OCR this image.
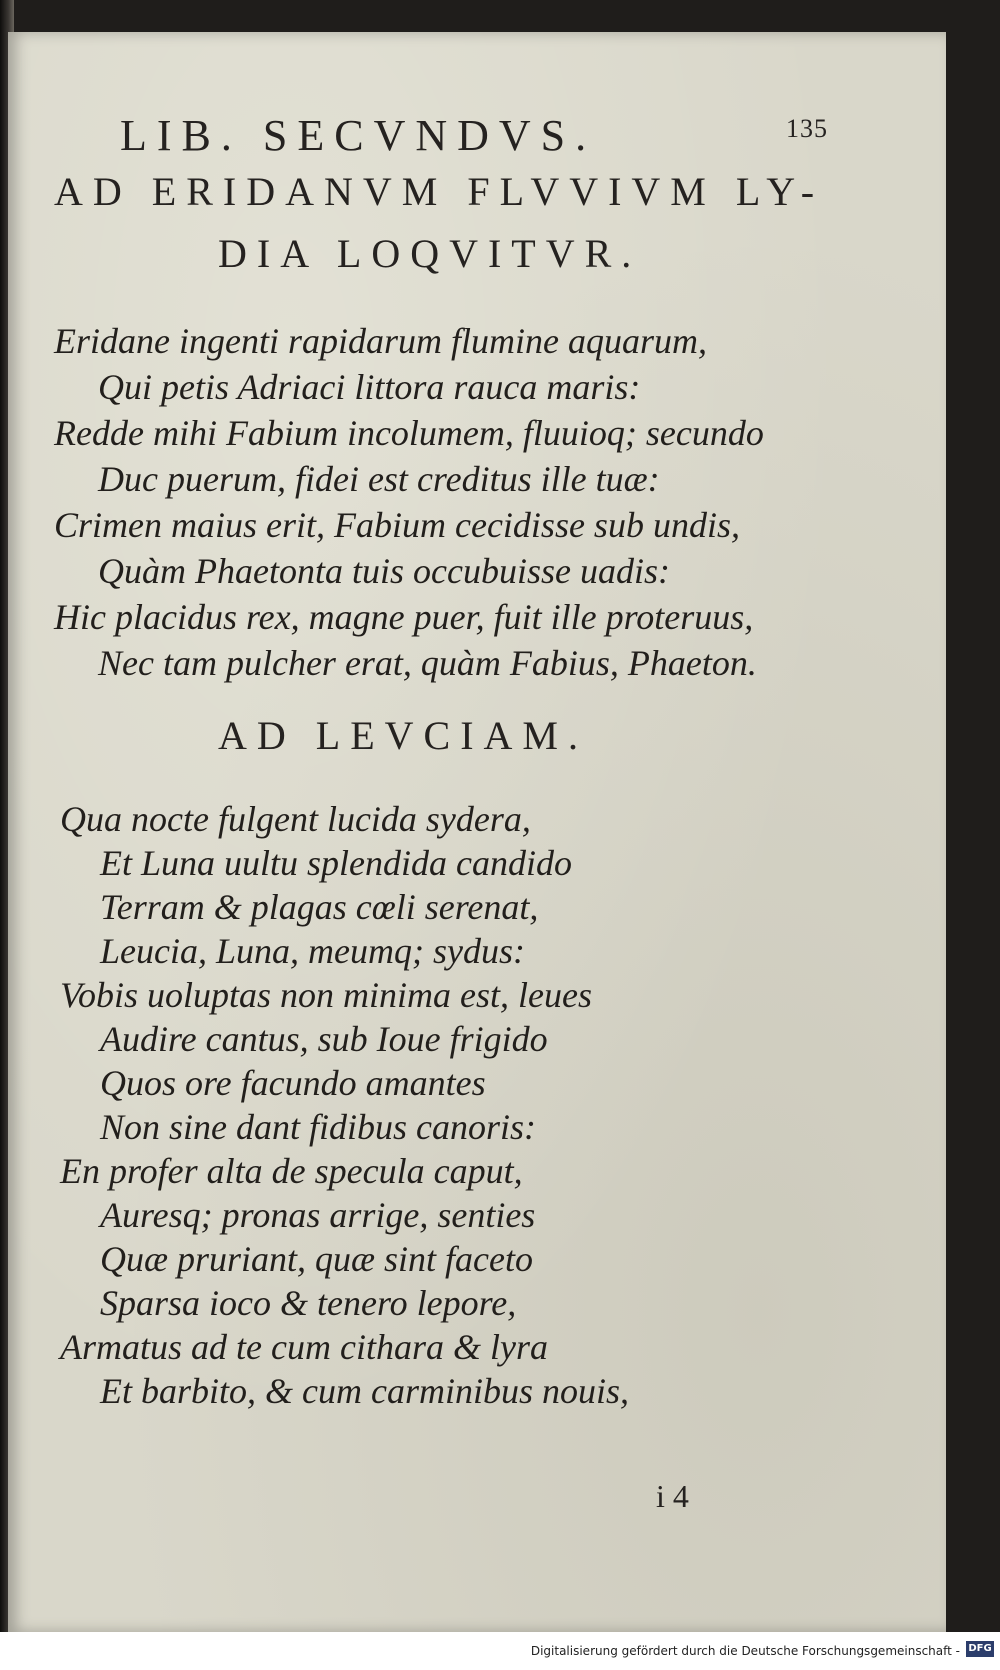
LIB. SECVNDVS.	135
AD ERIDANVM FLVVIVM LY-
DIA LOQVITVR.
Eridane ingenti rapidarum flumine aquarum,
Qui petis Adriaci littora rauca maris:
Redde mihi Fabium incolumem, fluuioq; secundo
Duc puerum, fidei est creditus ille tuæ:
Crimen maius erit, Fabium cecidisse sub undis,
Quàm Phaetonta tuis occubuisse uadis:
Hic placidus rex, magne puer, fuit ille proteruus,
Nec tam pulcher erat, quàm Fabius, Phaeton.
AD LEVCIAM.
Qua nocte fulgent lucida sydera,
Et Luna uultu splendida candido
Terram & plagas cœli serenat,
Leucia, Luna, meumq; sydus:
Vobis uoluptas non minima est, leues
Audire cantus, sub Ioue frigido
Quos ore facundo amantes
Non sine dant fidibus canoris:
En profer alta de specula caput,
Auresq; pronas arrige, senties
Quæ pruriant, quæ sint faceto
Sparsa ioco & tenero lepore,
Armatus ad te cum cithara & lyra
Et barbito, & cum carminibus nouis,
i 4
Digitalisierung gefördert durch die Deutsche Forschungsgemeinschaft - DFG
